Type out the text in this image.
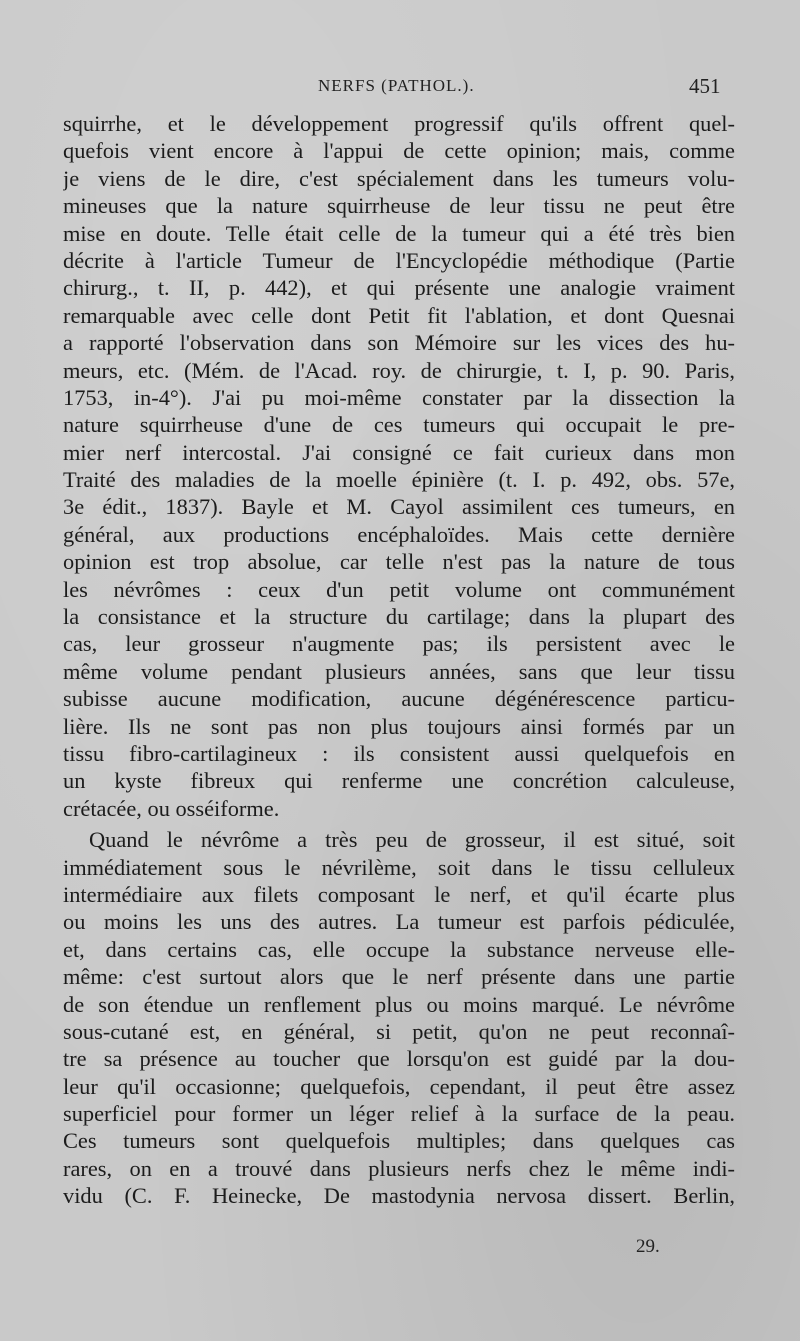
NERFS (PATHOL.).	451
squirrhe, et le développement progressif qu'ils offrent quel-
quefois vient encore à l'appui de cette opinion; mais, comme
je viens de le dire, c'est spécialement dans les tumeurs volu-
mineuses que la nature squirrheuse de leur tissu ne peut être
mise en doute. Telle était celle de la tumeur qui a été très bien
décrite à l'article Tumeur de l'Encyclopédie méthodique (Partie
chirurg., t. II, p. 442), et qui présente une analogie vraiment
remarquable avec celle dont Petit fit l'ablation, et dont Quesnai
a rapporté l'observation dans son Mémoire sur les vices des hu-
meurs, etc. (Mém. de l'Acad. roy. de chirurgie, t. I, p. 90. Paris,
1753, in-4°). J'ai pu moi-même constater par la dissection la
nature squirrheuse d'une de ces tumeurs qui occupait le pre-
mier nerf intercostal. J'ai consigné ce fait curieux dans mon
Traité des maladies de la moelle épinière (t. I. p. 492, obs. 57e,
3e édit., 1837). Bayle et M. Cayol assimilent ces tumeurs, en
général, aux productions encéphaloïdes. Mais cette dernière
opinion est trop absolue, car telle n'est pas la nature de tous
les névrômes : ceux d'un petit volume ont communément
la consistance et la structure du cartilage; dans la plupart des
cas, leur grosseur n'augmente pas; ils persistent avec le
même volume pendant plusieurs années, sans que leur tissu
subisse aucune modification, aucune dégénérescence particu-
lière. Ils ne sont pas non plus toujours ainsi formés par un
tissu fibro-cartilagineux : ils consistent aussi quelquefois en
un kyste fibreux qui renferme une concrétion calculeuse,
crétacée, ou osséiforme.
Quand le névrôme a très peu de grosseur, il est situé, soit
immédiatement sous le névrilème, soit dans le tissu celluleux
intermédiaire aux filets composant le nerf, et qu'il écarte plus
ou moins les uns des autres. La tumeur est parfois pédiculée,
et, dans certains cas, elle occupe la substance nerveuse elle-
même: c'est surtout alors que le nerf présente dans une partie
de son étendue un renflement plus ou moins marqué. Le névrôme
sous-cutané est, en général, si petit, qu'on ne peut reconnaî-
tre sa présence au toucher que lorsqu'on est guidé par la dou-
leur qu'il occasionne; quelquefois, cependant, il peut être assez
superficiel pour former un léger relief à la surface de la peau.
Ces tumeurs sont quelquefois multiples; dans quelques cas
rares, on en a trouvé dans plusieurs nerfs chez le même indi-
vidu (C. F. Heinecke, De mastodynia nervosa dissert. Berlin,
29.
